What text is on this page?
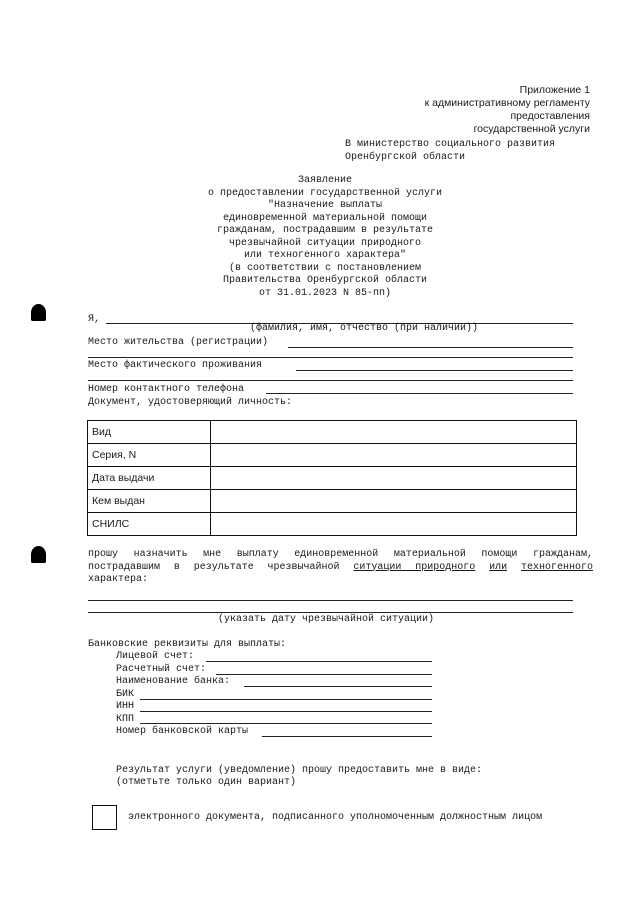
Приложение 1
к административному регламенту
предоставления
государственной услуги
В министерство социального развития
Оренбургской области
Заявление
о предоставлении государственной услуги
"Назначение выплаты
единовременной материальной помощи
гражданам, пострадавшим в результате
чрезвычайной ситуации природного
или техногенного характера"
(в соответствии с постановлением
Правительства Оренбургской области
от 31.01.2023 N 85-пп)
Я,
(фамилия, имя, отчество (при наличии))
Место жительства (регистрации)
Место фактического проживания
Номер контактного телефона
Документ, удостоверяющий личность:
Вид	
Серия, N	
Дата выдачи	
Кем выдан	
СНИЛС	
прошу назначить мне выплату единовременной материальной помощи гражданам, пострадавшим в результате чрезвычайной ситуации природного или техногенного характера:
(указать дату чрезвычайной ситуации)
Банковские реквизиты для выплаты:
Лицевой счет:
Расчетный счет:
Наименование банка:
БИК
ИНН
КПП
Номер банковской карты
Результат услуги (уведомление) прошу предоставить мне в виде:
(отметьте только один вариант)
электронного документа, подписанного уполномоченным должностным лицом
